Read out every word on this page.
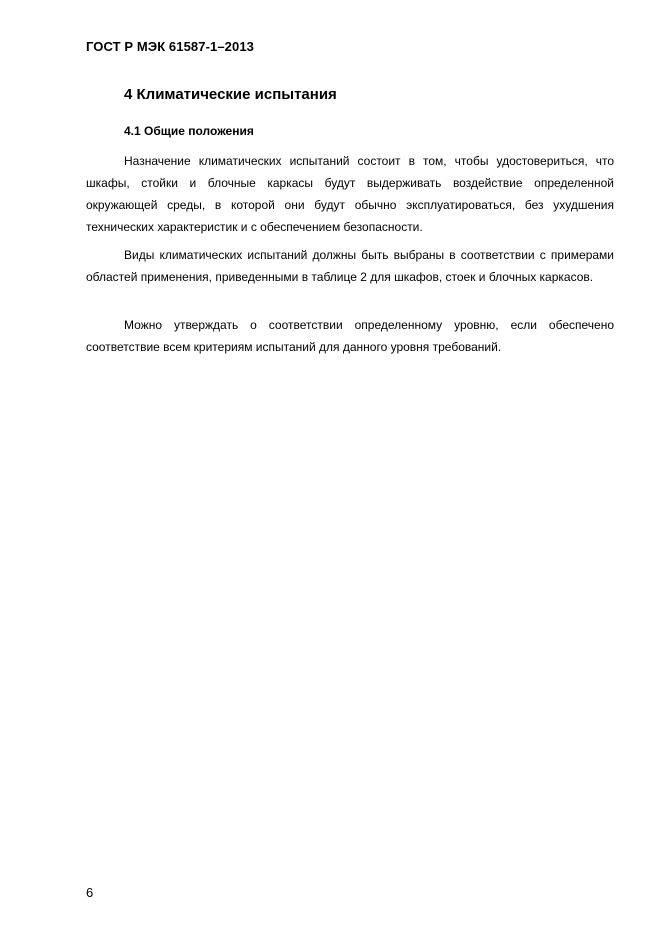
ГОСТ Р МЭК 61587-1–2013
4 Климатические испытания
4.1 Общие положения

Назначение климатических испытаний состоит в том, чтобы удостовериться, что шкафы, стойки и блочные каркасы будут выдерживать воздействие определенной окружающей среды, в которой они будут обычно эксплуатироваться, без ухудшения технических характеристик и с обеспечением безопасности.

Виды климатических испытаний должны быть выбраны в соответствии с примерами областей применения, приведенными в таблице 2 для шкафов, стоек и блочных каркасов.

Можно утверждать о соответствии определенному уровню, если обеспечено соответствие всем критериям испытаний для данного уровня требований.

6
